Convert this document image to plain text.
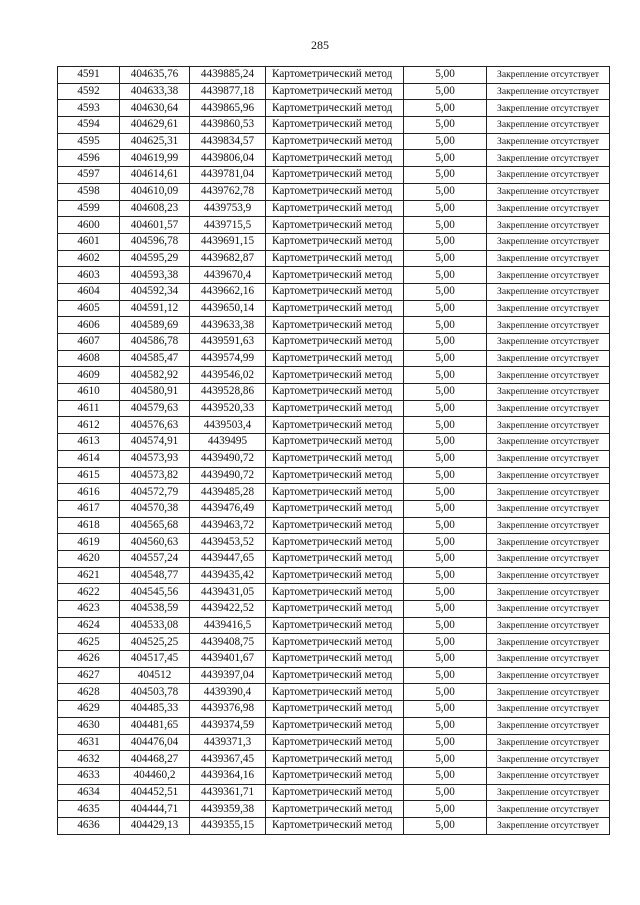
285
4591	404635,76	4439885,24	Картометрический метод	5,00	Закрепление отсутствует
4592	404633,38	4439877,18	Картометрический метод	5,00	Закрепление отсутствует
4593	404630,64	4439865,96	Картометрический метод	5,00	Закрепление отсутствует
4594	404629,61	4439860,53	Картометрический метод	5,00	Закрепление отсутствует
4595	404625,31	4439834,57	Картометрический метод	5,00	Закрепление отсутствует
4596	404619,99	4439806,04	Картометрический метод	5,00	Закрепление отсутствует
4597	404614,61	4439781,04	Картометрический метод	5,00	Закрепление отсутствует
4598	404610,09	4439762,78	Картометрический метод	5,00	Закрепление отсутствует
4599	404608,23	4439753,9	Картометрический метод	5,00	Закрепление отсутствует
4600	404601,57	4439715,5	Картометрический метод	5,00	Закрепление отсутствует
4601	404596,78	4439691,15	Картометрический метод	5,00	Закрепление отсутствует
4602	404595,29	4439682,87	Картометрический метод	5,00	Закрепление отсутствует
4603	404593,38	4439670,4	Картометрический метод	5,00	Закрепление отсутствует
4604	404592,34	4439662,16	Картометрический метод	5,00	Закрепление отсутствует
4605	404591,12	4439650,14	Картометрический метод	5,00	Закрепление отсутствует
4606	404589,69	4439633,38	Картометрический метод	5,00	Закрепление отсутствует
4607	404586,78	4439591,63	Картометрический метод	5,00	Закрепление отсутствует
4608	404585,47	4439574,99	Картометрический метод	5,00	Закрепление отсутствует
4609	404582,92	4439546,02	Картометрический метод	5,00	Закрепление отсутствует
4610	404580,91	4439528,86	Картометрический метод	5,00	Закрепление отсутствует
4611	404579,63	4439520,33	Картометрический метод	5,00	Закрепление отсутствует
4612	404576,63	4439503,4	Картометрический метод	5,00	Закрепление отсутствует
4613	404574,91	4439495	Картометрический метод	5,00	Закрепление отсутствует
4614	404573,93	4439490,72	Картометрический метод	5,00	Закрепление отсутствует
4615	404573,82	4439490,72	Картометрический метод	5,00	Закрепление отсутствует
4616	404572,79	4439485,28	Картометрический метод	5,00	Закрепление отсутствует
4617	404570,38	4439476,49	Картометрический метод	5,00	Закрепление отсутствует
4618	404565,68	4439463,72	Картометрический метод	5,00	Закрепление отсутствует
4619	404560,63	4439453,52	Картометрический метод	5,00	Закрепление отсутствует
4620	404557,24	4439447,65	Картометрический метод	5,00	Закрепление отсутствует
4621	404548,77	4439435,42	Картометрический метод	5,00	Закрепление отсутствует
4622	404545,56	4439431,05	Картометрический метод	5,00	Закрепление отсутствует
4623	404538,59	4439422,52	Картометрический метод	5,00	Закрепление отсутствует
4624	404533,08	4439416,5	Картометрический метод	5,00	Закрепление отсутствует
4625	404525,25	4439408,75	Картометрический метод	5,00	Закрепление отсутствует
4626	404517,45	4439401,67	Картометрический метод	5,00	Закрепление отсутствует
4627	404512	4439397,04	Картометрический метод	5,00	Закрепление отсутствует
4628	404503,78	4439390,4	Картометрический метод	5,00	Закрепление отсутствует
4629	404485,33	4439376,98	Картометрический метод	5,00	Закрепление отсутствует
4630	404481,65	4439374,59	Картометрический метод	5,00	Закрепление отсутствует
4631	404476,04	4439371,3	Картометрический метод	5,00	Закрепление отсутствует
4632	404468,27	4439367,45	Картометрический метод	5,00	Закрепление отсутствует
4633	404460,2	4439364,16	Картометрический метод	5,00	Закрепление отсутствует
4634	404452,51	4439361,71	Картометрический метод	5,00	Закрепление отсутствует
4635	404444,71	4439359,38	Картометрический метод	5,00	Закрепление отсутствует
4636	404429,13	4439355,15	Картометрический метод	5,00	Закрепление отсутствует
